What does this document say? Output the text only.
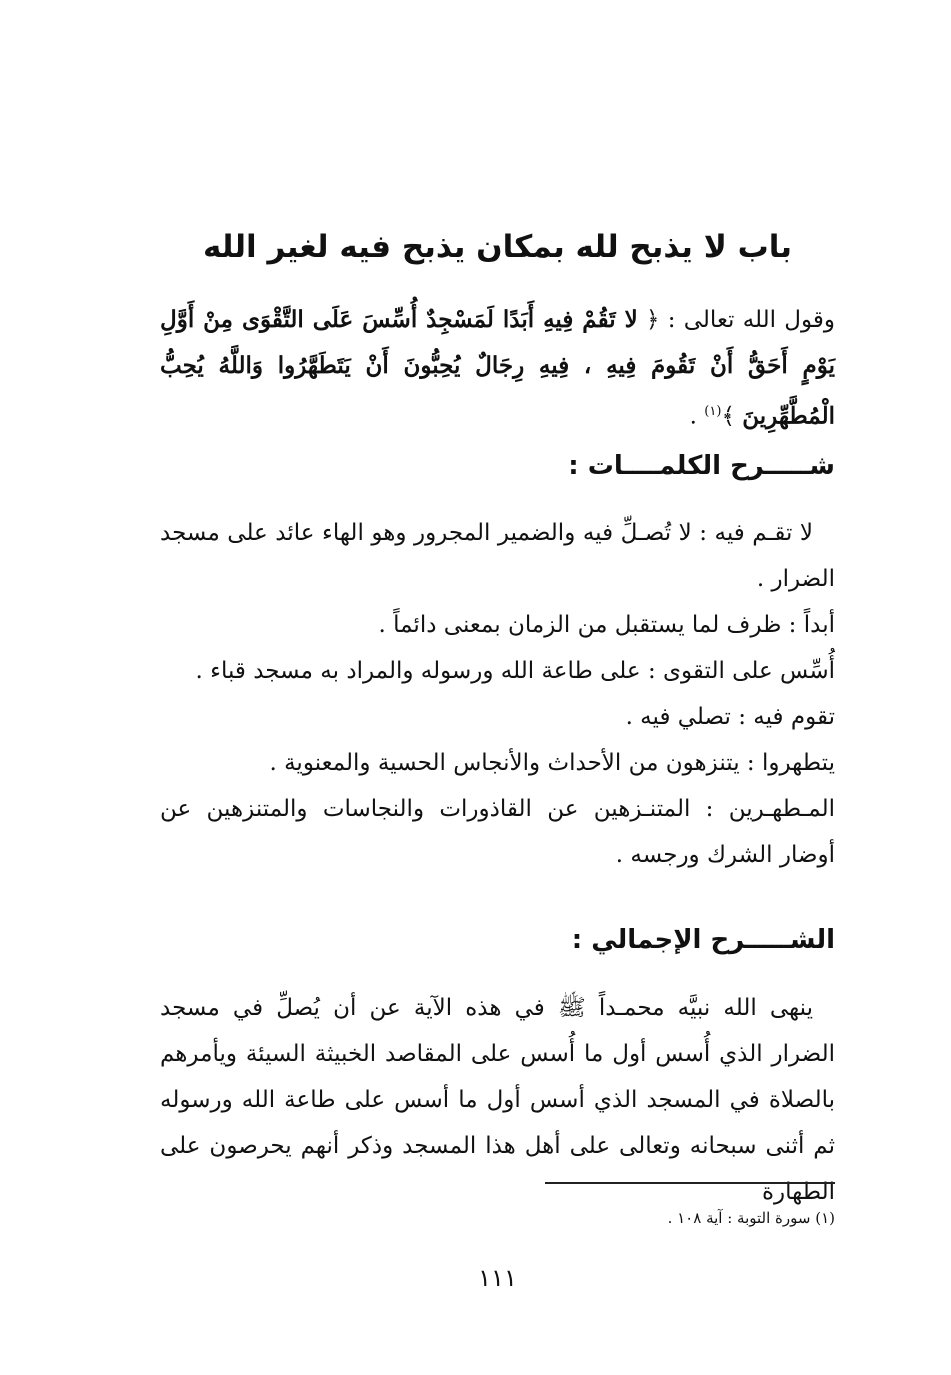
باب لا يذبح لله بمكان يذبح فيه لغير الله

وقول الله تعالى : ﴿ لا تَقُمْ فِيهِ أَبَدًا لَمَسْجِدٌ أُسِّسَ عَلَى التَّقْوَى مِنْ أَوَّلِ يَوْمٍ أَحَقُّ أَنْ تَقُومَ فِيهِ ، فِيهِ رِجَالٌ يُحِبُّونَ أَنْ يَتَطَهَّرُوا وَاللَّهُ يُحِبُّ الْمُطَّهِّرِينَ ﴾$^{(١)}$ .

شـــــرح الكلمــــات :
لا تقـم فيه : لا تُصـلِّ فيه والضمير المجرور وهو الهاء عائد على مسجد الضرار .
أبداً : ظرف لما يستقبل من الزمان بمعنى دائماً .
أُسِّس على التقوى : على طاعة الله ورسوله والمراد به مسجد قباء .
تقوم فيه : تصلي فيه .
يتطهروا : يتنزهون من الأحداث والأنجاس الحسية والمعنوية .
المـطهـرين : المتنـزهين عن القاذورات والنجاسات والمتنزهين عن أوضار الشرك ورجسه .
الشـــــرح الإجمالي :

ينهى الله نبيَّه محمـداً ﷺ في هذه الآية عن أن يُصلِّ في مسجد الضرار الذي أُسس أول ما أُسس على المقاصد الخبيثة السيئة ويأمرهم بالصلاة في المسجد الذي أسس أول ما أسس على طاعة الله ورسوله ثم أثنى سبحانه وتعالى على أهل هذا المسجد وذكر أنهم يحرصون على الطهارة

(١) سورة التوبة : آية ١٠٨ .

١١١
